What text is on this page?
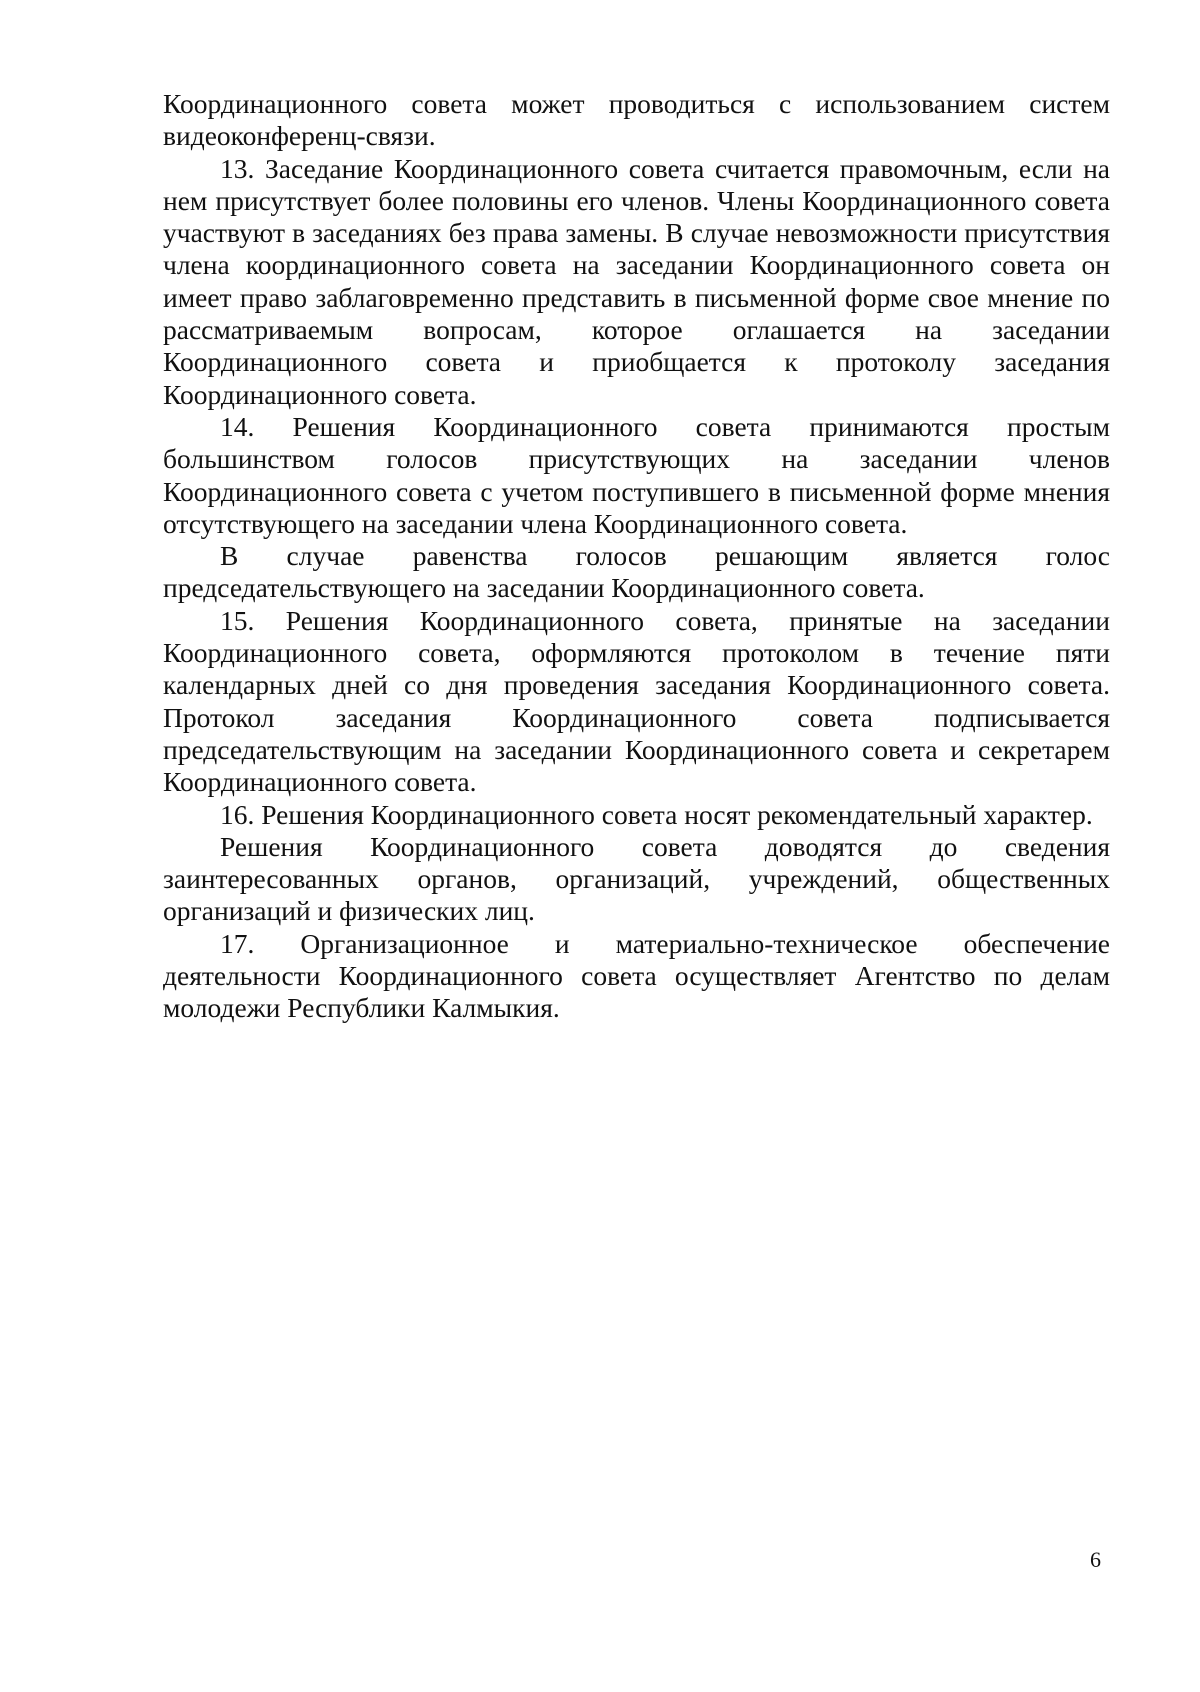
Координационного совета может проводиться с использованием систем видеоконференц-связи.

13. Заседание Координационного совета считается правомочным, если на нем присутствует более половины его членов. Члены Координационного совета участвуют в заседаниях без права замены. В случае невозможности присутствия члена координационного совета на заседании Координационного совета он имеет право заблаговременно представить в письменной форме свое мнение по рассматриваемым вопросам, которое оглашается на заседании Координационного совета и приобщается к протоколу заседания Координационного совета.

14. Решения Координационного совета принимаются простым большинством голосов присутствующих на заседании членов Координационного совета с учетом поступившего в письменной форме мнения отсутствующего на заседании члена Координационного совета.

В случае равенства голосов решающим является голос председательствующего на заседании Координационного совета.

15. Решения Координационного совета, принятые на заседании Координационного совета, оформляются протоколом в течение пяти календарных дней со дня проведения заседания Координационного совета. Протокол заседания Координационного совета подписывается председательствующим на заседании Координационного совета и секретарем Координационного совета.

16. Решения Координационного совета носят рекомендательный характер.

Решения Координационного совета доводятся до сведения заинтересованных органов, организаций, учреждений, общественных организаций и физических лиц.

17. Организационное и материально-техническое обеспечение деятельности Координационного совета осуществляет Агентство по делам молодежи Республики Калмыкия.

6
